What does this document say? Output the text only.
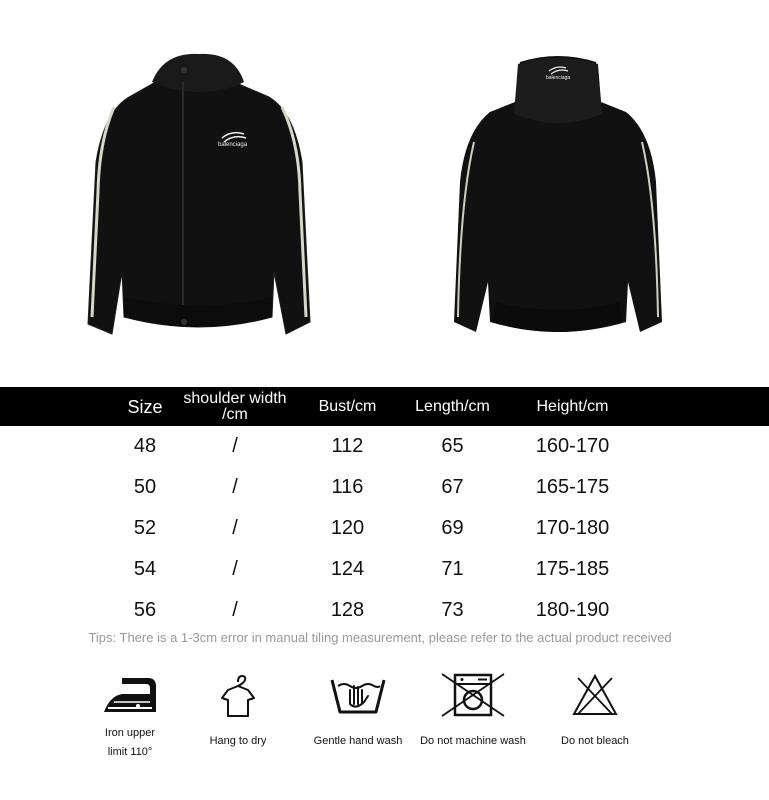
balenciaga
balenciaga
Size	shoulder width /cm	Bust/cm	Length/cm	Height/cm
48	/	112	65	160-170
50	/	116	67	165-175
52	/	120	69	170-180
54	/	124	71	175-185
56	/	128	73	180-190
Tips: There is a 1-3cm error in manual tiling measurement, please refer to the actual product received
Iron upper limit 110°
Hang to dry	Gentle hand wash	Do not machine wash	Do not bleach
